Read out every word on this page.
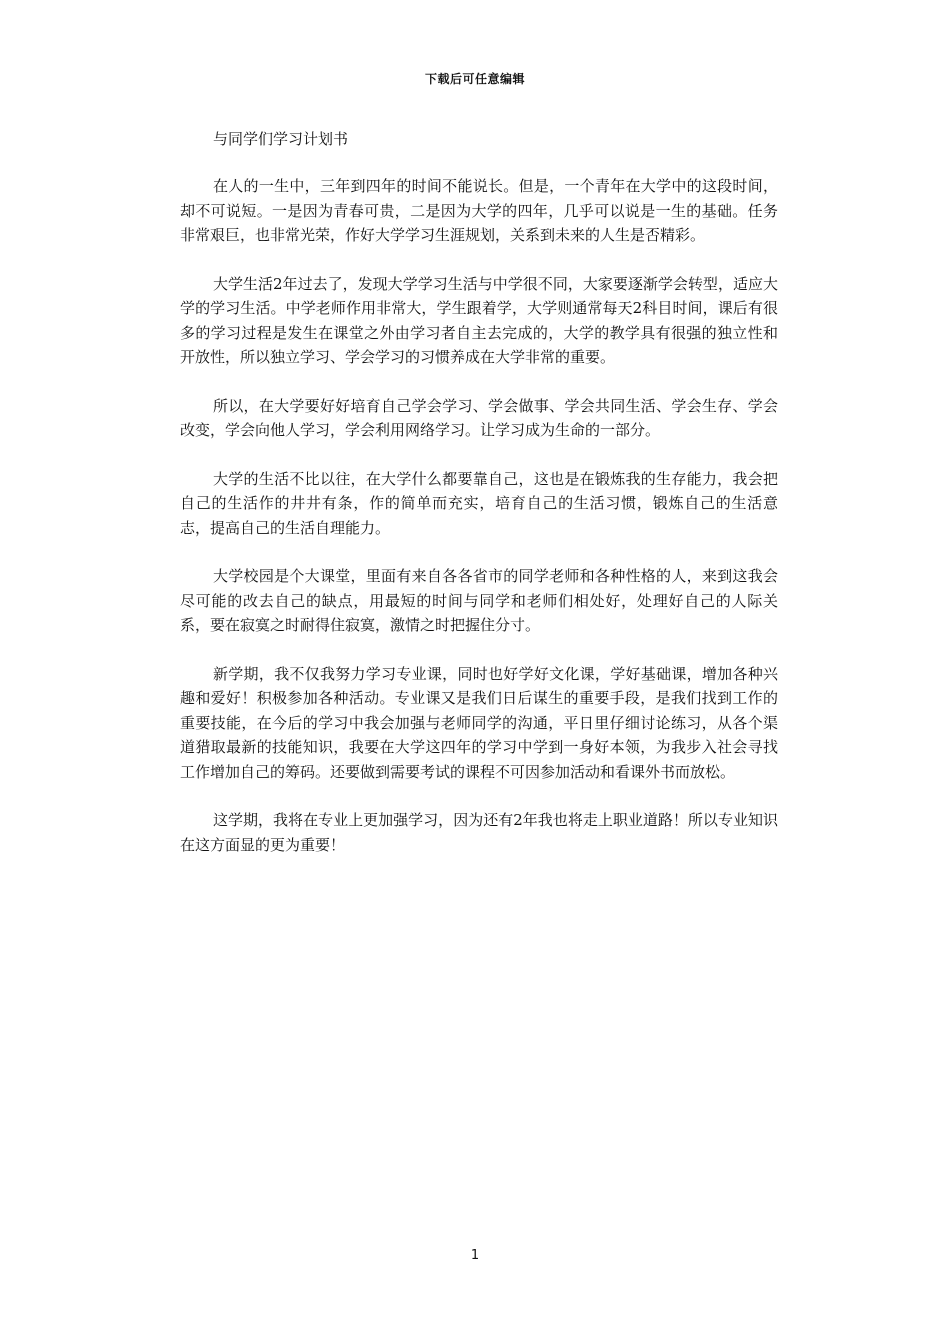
下载后可任意编辑
与同学们学习计划书

在人的一生中，三年到四年的时间不能说长。但是，一个青年在大学中的这段时间，却不可说短。一是因为青春可贵，二是因为大学的四年，几乎可以说是一生的基础。任务非常艰巨，也非常光荣，作好大学学习生涯规划，关系到未来的人生是否精彩。

大学生活2年过去了，发现大学学习生活与中学很不同，大家要逐渐学会转型，适应大学的学习生活。中学老师作用非常大，学生跟着学，大学则通常每天2科目时间，课后有很多的学习过程是发生在课堂之外由学习者自主去完成的，大学的教学具有很强的独立性和开放性，所以独立学习、学会学习的习惯养成在大学非常的重要。

所以，在大学要好好培育自己学会学习、学会做事、学会共同生活、学会生存、学会改变，学会向他人学习，学会利用网络学习。让学习成为生命的一部分。

大学的生活不比以往，在大学什么都要靠自己，这也是在锻炼我的生存能力，我会把自己的生活作的井井有条，作的简单而充实，培育自己的生活习惯，锻炼自己的生活意志，提高自己的生活自理能力。

大学校园是个大课堂，里面有来自各各省市的同学老师和各种性格的人，来到这我会尽可能的改去自己的缺点，用最短的时间与同学和老师们相处好，处理好自己的人际关系，要在寂寞之时耐得住寂寞，激情之时把握住分寸。

新学期，我不仅我努力学习专业课，同时也好学好文化课，学好基础课，增加各种兴趣和爱好！积极参加各种活动。专业课又是我们日后谋生的重要手段，是我们找到工作的重要技能，在今后的学习中我会加强与老师同学的沟通，平日里仔细讨论练习，从各个渠道猎取最新的技能知识，我要在大学这四年的学习中学到一身好本领，为我步入社会寻找工作增加自己的筹码。还要做到需要考试的课程不可因参加活动和看课外书而放松。

这学期，我将在专业上更加强学习，因为还有2年我也将走上职业道路！所以专业知识在这方面显的更为重要！

1
